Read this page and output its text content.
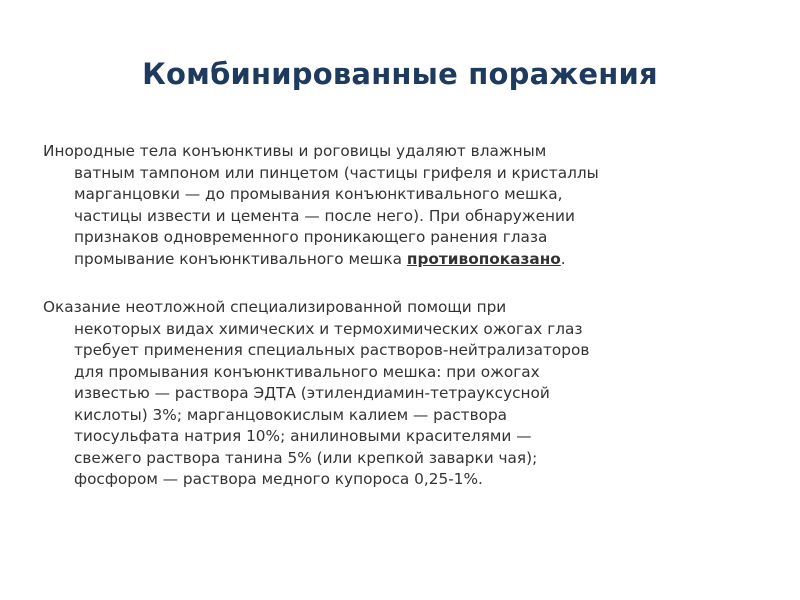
Комбинированные поражения

Инородные тела конъюнктивы и роговицы удаляют влажным
ватным тампоном или пинцетом (частицы грифеля и кристаллы
марганцовки — до промывания конъюнктивального мешка,
частицы извести и цемента — после него). При обнаружении
признаков одновременного проникающего ранения глаза
промывание конъюнктивального мешка противопоказано.

Оказание неотложной специализированной помощи при
некоторых видах химических и термохимических ожогах глаз
требует применения специальных растворов-нейтрализаторов
для промывания конъюнктивального мешка: при ожогах
известью — раствора ЭДТА (этилендиамин-тетрауксусной
кислоты) 3%; марганцовокислым калием — раствора
тиосульфата натрия 10%; анилиновыми красителями —
свежего раствора танина 5% (или крепкой заварки чая);
фосфором — раствора медного купороса 0,25-1%.
